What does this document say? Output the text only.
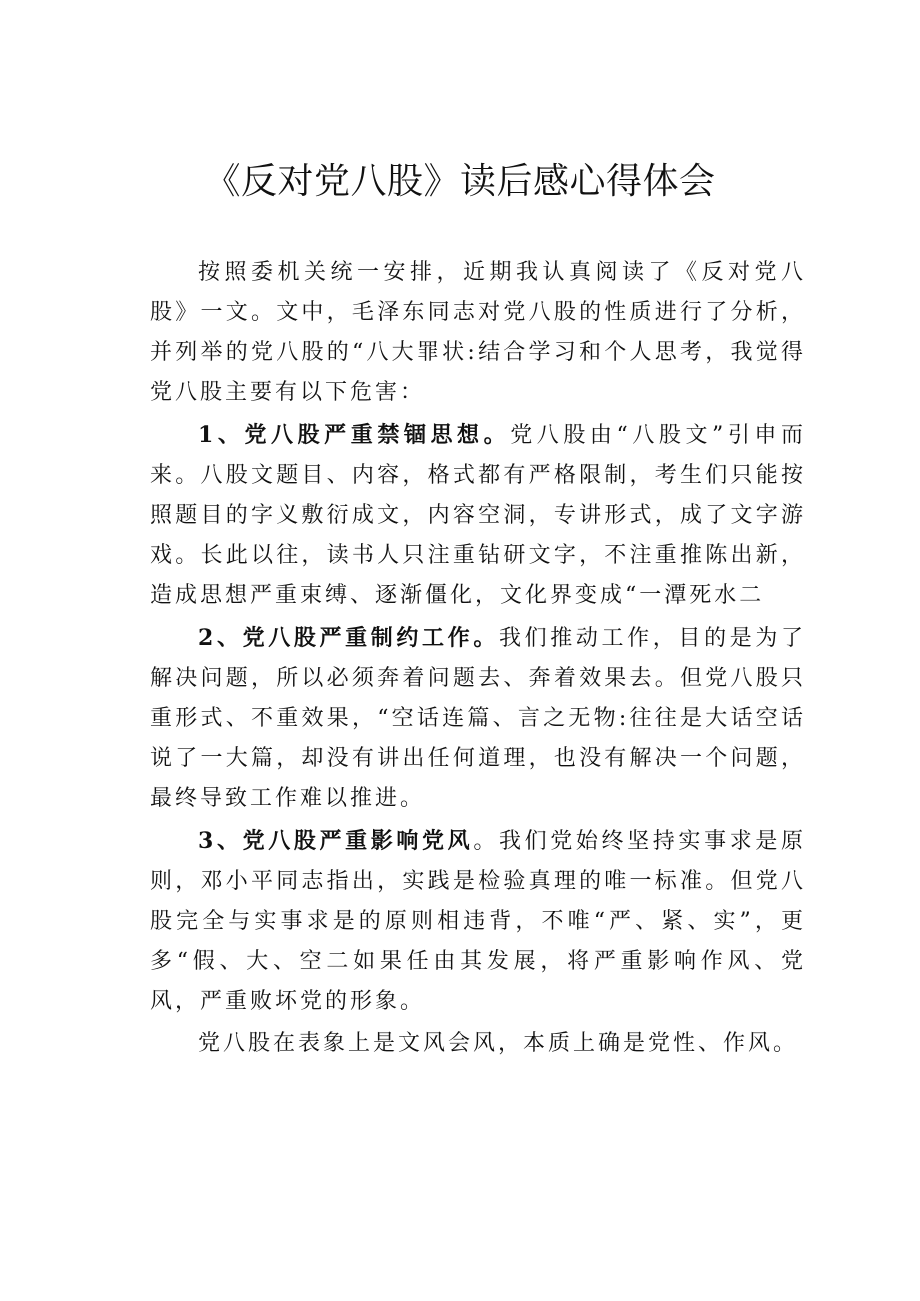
《反对党八股》读后感心得体会

按照委机关统一安排，近期我认真阅读了《反对党八股》一文。文中，毛泽东同志对党八股的性质进行了分析，并列举的党八股的“八大罪状:结合学习和个人思考，我觉得党八股主要有以下危害：

1、党八股严重禁锢思想。党八股由“八股文”引申而来。八股文题目、内容，格式都有严格限制，考生们只能按照题目的字义敷衍成文，内容空洞，专讲形式，成了文字游戏。长此以往，读书人只注重钻研文字，不注重推陈出新，造成思想严重束缚、逐渐僵化，文化界变成“一潭死水二

2、党八股严重制约工作。我们推动工作，目的是为了解决问题，所以必须奔着问题去、奔着效果去。但党八股只重形式、不重效果，“空话连篇、言之无物:往往是大话空话说了一大篇，却没有讲出任何道理，也没有解决一个问题，最终导致工作难以推进。

3、党八股严重影响党风。我们党始终坚持实事求是原则，邓小平同志指出，实践是检验真理的唯一标准。但党八股完全与实事求是的原则相违背，不唯“严、紧、实”，更多“假、大、空二如果任由其发展，将严重影响作风、党风，严重败坏党的形象。

党八股在表象上是文风会风，本质上确是党性、作风。
